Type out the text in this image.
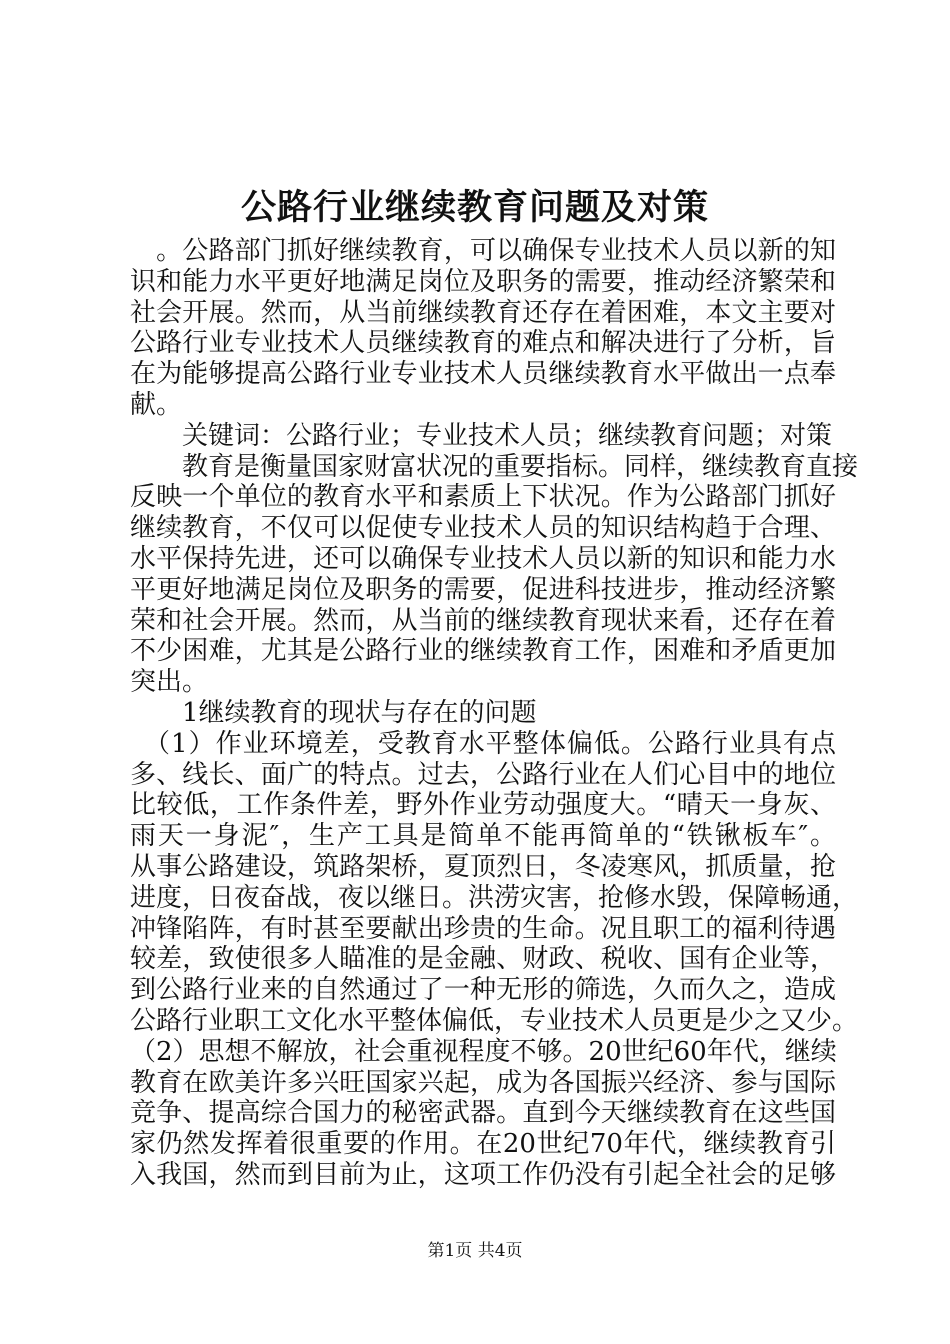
公路行业继续教育问题及对策
　。公路部门抓好继续教育，可以确保专业技术人员以新的知
识和能力水平更好地满足岗位及职务的需要，推动经济繁荣和
社会开展。然而，从当前继续教育还存在着困难，本文主要对
公路行业专业技术人员继续教育的难点和解决进行了分析，旨
在为能够提高公路行业专业技术人员继续教育水平做出一点奉
献。
　　关键词：公路行业；专业技术人员；继续教育问题；对策
　　教育是衡量国家财富状况的重要指标。同样，继续教育直接
反映一个单位的教育水平和素质上下状况。作为公路部门抓好
继续教育，不仅可以促使专业技术人员的知识结构趋于合理、
水平保持先进，还可以确保专业技术人员以新的知识和能力水
平更好地满足岗位及职务的需要，促进科技进步，推动经济繁
荣和社会开展。然而，从当前的继续教育现状来看，还存在着
不少困难，尤其是公路行业的继续教育工作，困难和矛盾更加
突出。
　　1继续教育的现状与存在的问题
　（1）作业环境差，受教育水平整体偏低。公路行业具有点
多、线长、面广的特点。过去，公路行业在人们心目中的地位
比较低，工作条件差，野外作业劳动强度大。“晴天一身灰、
雨天一身泥″，生产工具是简单不能再简单的“铁锹板车″。
从事公路建设，筑路架桥，夏顶烈日，冬凌寒风，抓质量，抢
进度，日夜奋战，夜以继日。洪涝灾害，抢修水毁，保障畅通，
冲锋陷阵，有时甚至要献出珍贵的生命。况且职工的福利待遇
较差，致使很多人瞄准的是金融、财政、税收、国有企业等，
到公路行业来的自然通过了一种无形的筛选，久而久之，造成
公路行业职工文化水平整体偏低，专业技术人员更是少之又少。
（2）思想不解放，社会重视程度不够。20世纪60年代，继续
教育在欧美许多兴旺国家兴起，成为各国振兴经济、参与国际
竞争、提高综合国力的秘密武器。直到今天继续教育在这些国
家仍然发挥着很重要的作用。在20世纪70年代，继续教育引
入我国，然而到目前为止，这项工作仍没有引起全社会的足够
第1页 共4页
